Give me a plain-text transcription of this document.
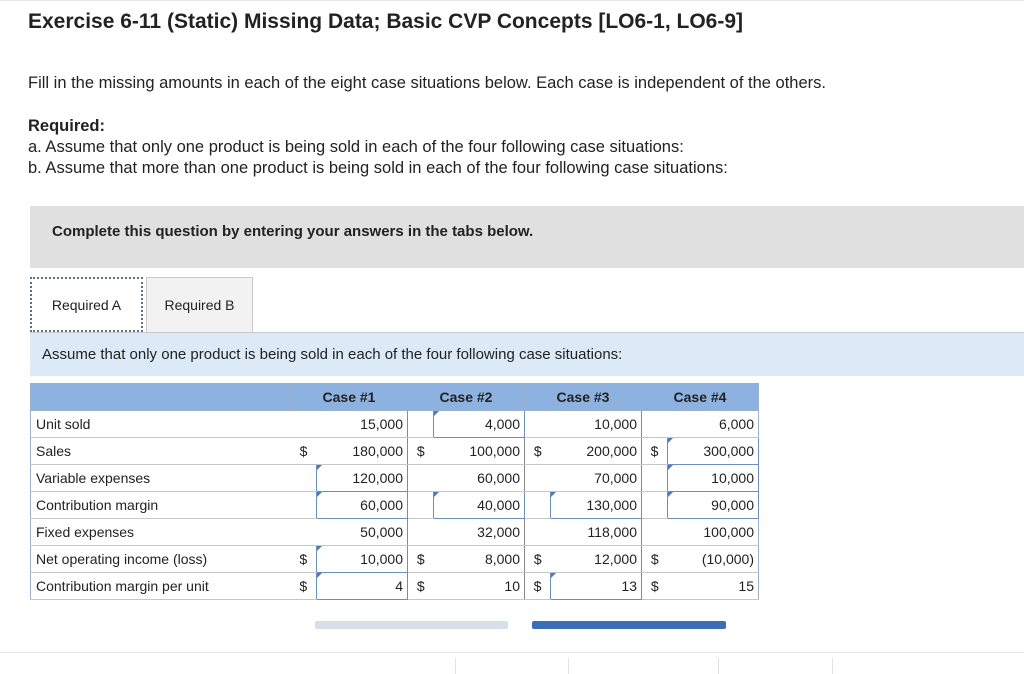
Exercise 6-11 (Static) Missing Data; Basic CVP Concepts [LO6-1, LO6-9]
Fill in the missing amounts in each of the eight case situations below. Each case is independent of the others.
Required:
a. Assume that only one product is being sold in each of the four following case situations:
b. Assume that more than one product is being sold in each of the four following case situations:
Complete this question by entering your answers in the tabs below.
Required A	Required B
Assume that only one product is being sold in each of the four following case situations:
	Case #1		Case #2		Case #3		Case #4	
Unit sold		15,000		4,000		10,000		6,000
Sales	$	180,000	$	100,000	$	200,000	$	300,000
Variable expenses		120,000		60,000		70,000		10,000
Contribution margin		60,000		40,000		130,000		90,000
Fixed expenses		50,000		32,000		118,000		100,000
Net operating income (loss)	$	10,000	$	8,000	$	12,000	$	(10,000)
Contribution margin per unit	$	4	$	10	$	13	$	15
